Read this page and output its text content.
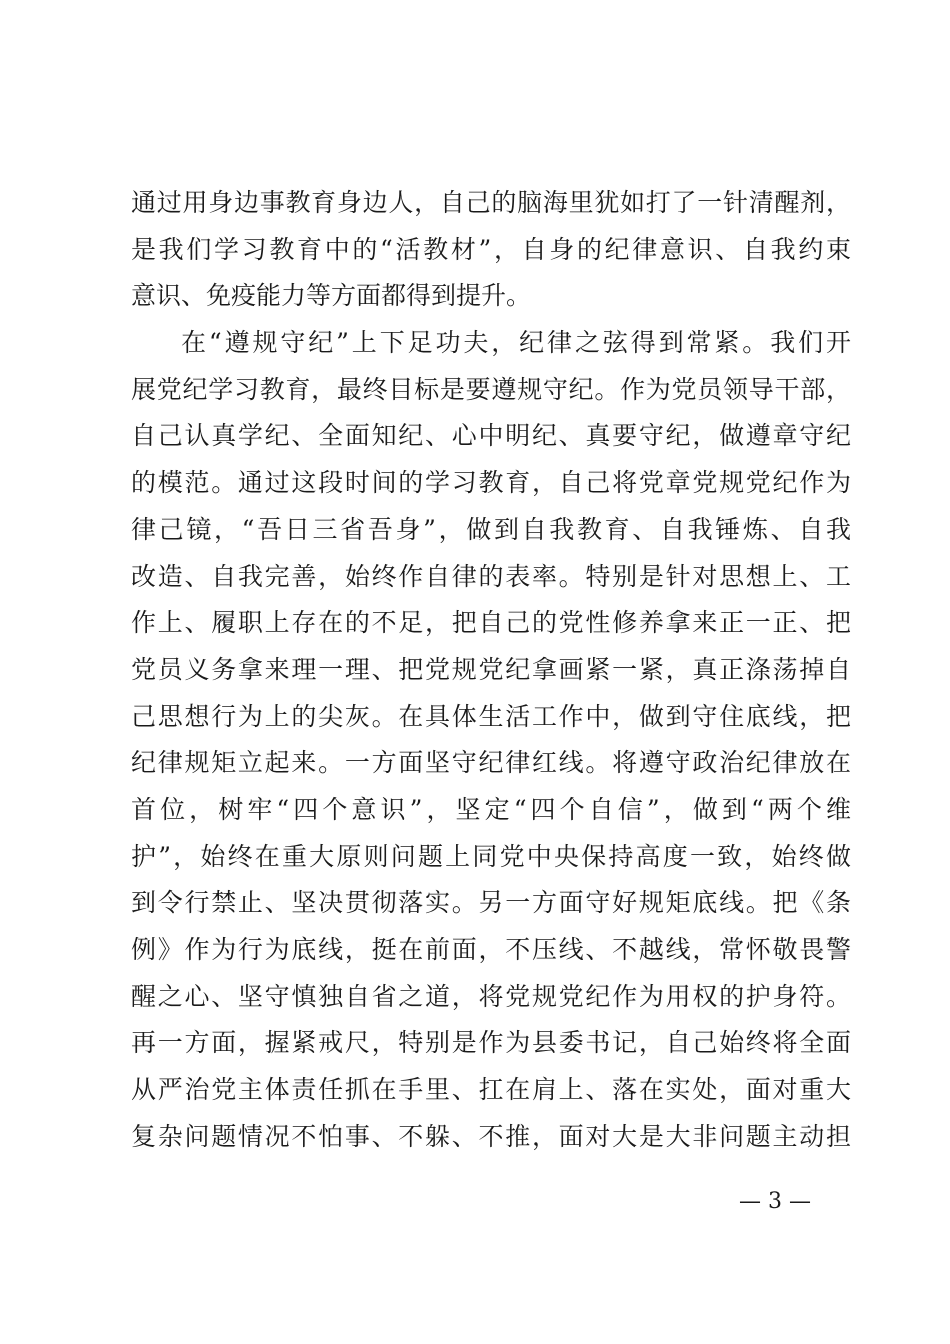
通过用身边事教育身边人，自己的脑海里犹如打了一针清醒剂，
是我们学习教育中的“活教材”，自身的纪律意识、自我约束
意识、免疫能力等方面都得到提升。
在“遵规守纪”上下足功夫，纪律之弦得到常紧。我们开
展党纪学习教育，最终目标是要遵规守纪。作为党员领导干部，
自己认真学纪、全面知纪、心中明纪、真要守纪，做遵章守纪
的模范。通过这段时间的学习教育，自己将党章党规党纪作为
律己镜，“吾日三省吾身”，做到自我教育、自我锤炼、自我
改造、自我完善，始终作自律的表率。特别是针对思想上、工
作上、履职上存在的不足，把自己的党性修养拿来正一正、把
党员义务拿来理一理、把党规党纪拿画紧一紧，真正涤荡掉自
己思想行为上的尖灰。在具体生活工作中，做到守住底线，把
纪律规矩立起来。一方面坚守纪律红线。将遵守政治纪律放在
首位，树牢“四个意识”，坚定“四个自信”，做到“两个维
护”，始终在重大原则问题上同党中央保持高度一致，始终做
到令行禁止、坚决贯彻落实。另一方面守好规矩底线。把《条
例》作为行为底线，挺在前面，不压线、不越线，常怀敬畏警
醒之心、坚守慎独自省之道，将党规党纪作为用权的护身符。
再一方面，握紧戒尺，特别是作为县委书记，自己始终将全面
从严治党主体责任抓在手里、扛在肩上、落在实处，面对重大
复杂问题情况不怕事、不躲、不推，面对大是大非问题主动担
— 3 —
